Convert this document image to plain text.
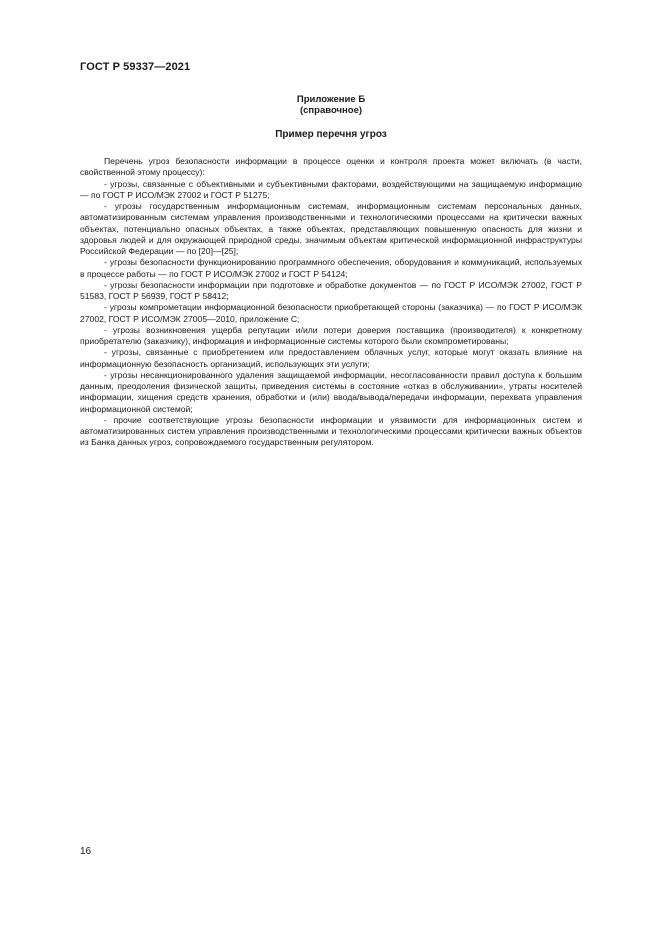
ГОСТ Р 59337—2021
Приложение Б
(справочное)
Пример перечня угроз

Перечень угроз безопасности информации в процессе оценки и контроля проекта может включать (в части, свойственной этому процессу):

- угрозы, связанные с объективными и субъективными факторами, воздействующими на защищаемую информацию — по ГОСТ Р ИСО/МЭК 27002 и ГОСТ Р 51275;

- угрозы государственным информационным системам, информационным системам персональных данных, автоматизированным системам управления производственными и технологическими процессами на критически важных объектах, потенциально опасных объектах, а также объектах, представляющих повышенную опасность для жизни и здоровья людей и для окружающей природной среды, значимым объектам критической информационной инфраструктуры Российской Федерации — по [20]—[25];

- угрозы безопасности функционированию программного обеспечения, оборудования и коммуникаций, используемых в процессе работы — по ГОСТ Р ИСО/МЭК 27002 и ГОСТ Р 54124;

- угрозы безопасности информации при подготовке и обработке документов — по ГОСТ Р ИСО/МЭК 27002, ГОСТ Р 51583, ГОСТ Р 56939, ГОСТ Р 58412;

- угрозы компрометации информационной безопасности приобретающей стороны (заказчика) — по ГОСТ Р ИСО/МЭК 27002, ГОСТ Р ИСО/МЭК 27005—2010, приложение С;

- угрозы возникновения ущерба репутации и/или потери доверия поставщика (производителя) к конкретному приобретателю (заказчику), информация и информационные системы которого были скомпрометированы;

- угрозы, связанные с приобретением или предоставлением облачных услуг, которые могут оказать влияние на информационную безопасность организаций, использующих эти услуги;

- угрозы несанкционированного удаления защищаемой информации, несогласованности правил доступа к большим данным, преодоления физической защиты, приведения системы в состояние «отказ в обслуживании», утраты носителей информации, хищения средств хранения, обработки и (или) ввода/вывода/передачи информации, перехвата управления информационной системой;

- прочие соответствующие угрозы безопасности информации и уязвимости для информационных систем и автоматизированных систем управления производственными и технологическими процессами критически важных объектов из Банка данных угроз, сопровождаемого государственным регулятором.

16
